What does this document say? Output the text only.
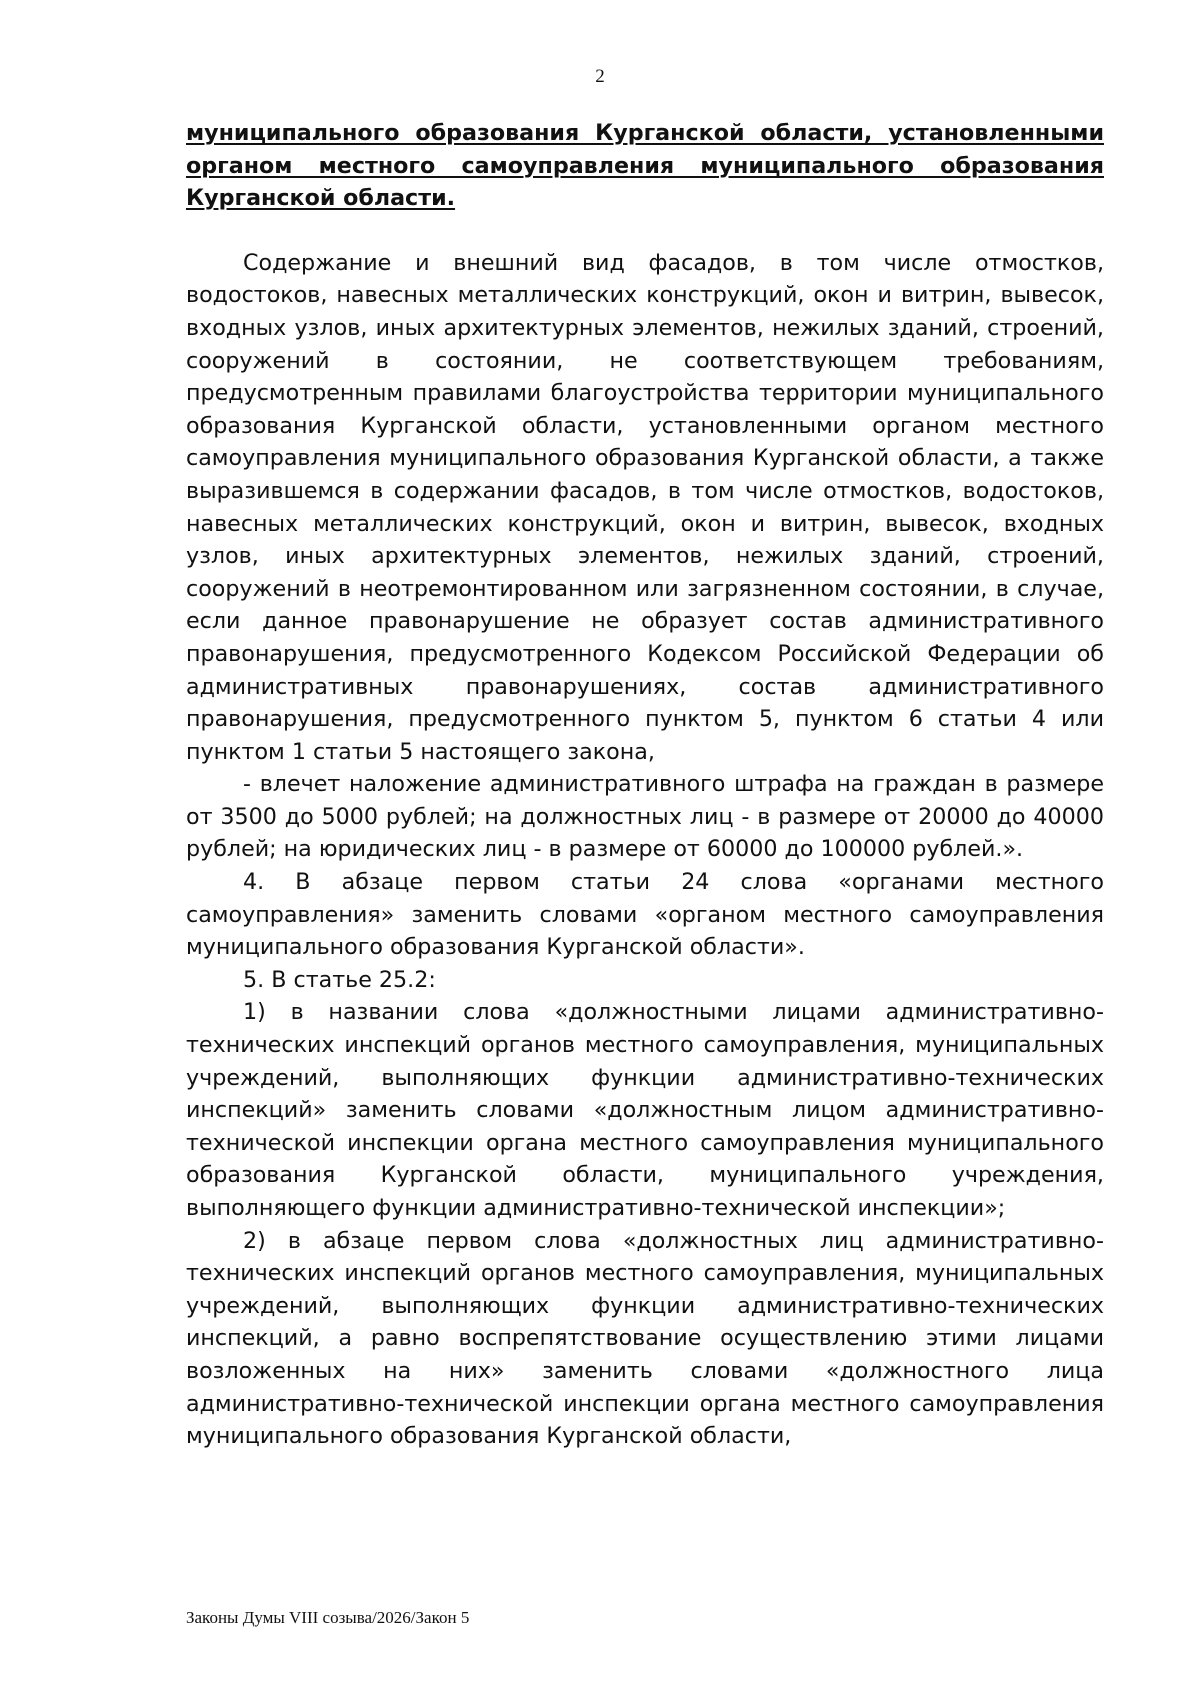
2

муниципального образования Курганской области, установленными органом местного самоуправления муниципального образования Курганской области.

Содержание и внешний вид фасадов, в том числе отмостков, водостоков, навесных металлических конструкций, окон и витрин, вывесок, входных узлов, иных архитектурных элементов, нежилых зданий, строений, сооружений в состоянии, не соответствующем требованиям, предусмотренным правилами благоустройства территории муниципального образования Курганской области, установленными органом местного самоуправления муниципального образования Курганской области, а также выразившемся в содержании фасадов, в том числе отмостков, водостоков, навесных металлических конструкций, окон и витрин, вывесок, входных узлов, иных архитектурных элементов, нежилых зданий, строений, сооружений в неотремонтированном или загрязненном состоянии, в случае, если данное правонарушение не образует состав административного правонарушения, предусмотренного Кодексом Российской Федерации об административных правонарушениях, состав административного правонарушения, предусмотренного пунктом 5, пунктом 6 статьи 4 или пунктом 1 статьи 5 настоящего закона,

- влечет наложение административного штрафа на граждан в размере от 3500 до 5000 рублей; на должностных лиц - в размере от 20000 до 40000 рублей; на юридических лиц - в размере от 60000 до 100000 рублей.».

4. В абзаце первом статьи 24 слова «органами местного самоуправления» заменить словами «органом местного самоуправления муниципального образования Курганской области».

5. В статье 25.2:

1) в названии слова «должностными лицами административно-технических инспекций органов местного самоуправления, муниципальных учреждений, выполняющих функции административно-технических инспекций» заменить словами «должностным лицом административно-технической инспекции органа местного самоуправления муниципального образования Курганской области, муниципального учреждения, выполняющего функции административно-технической инспекции»;

2) в абзаце первом слова «должностных лиц административно-технических инспекций органов местного самоуправления, муниципальных учреждений, выполняющих функции административно-технических инспекций, а равно воспрепятствование осуществлению этими лицами возложенных на них» заменить словами «должностного лица административно-технической инспекции органа местного самоуправления муниципального образования Курганской области,

Законы Думы VIII созыва/2026/Закон 5
